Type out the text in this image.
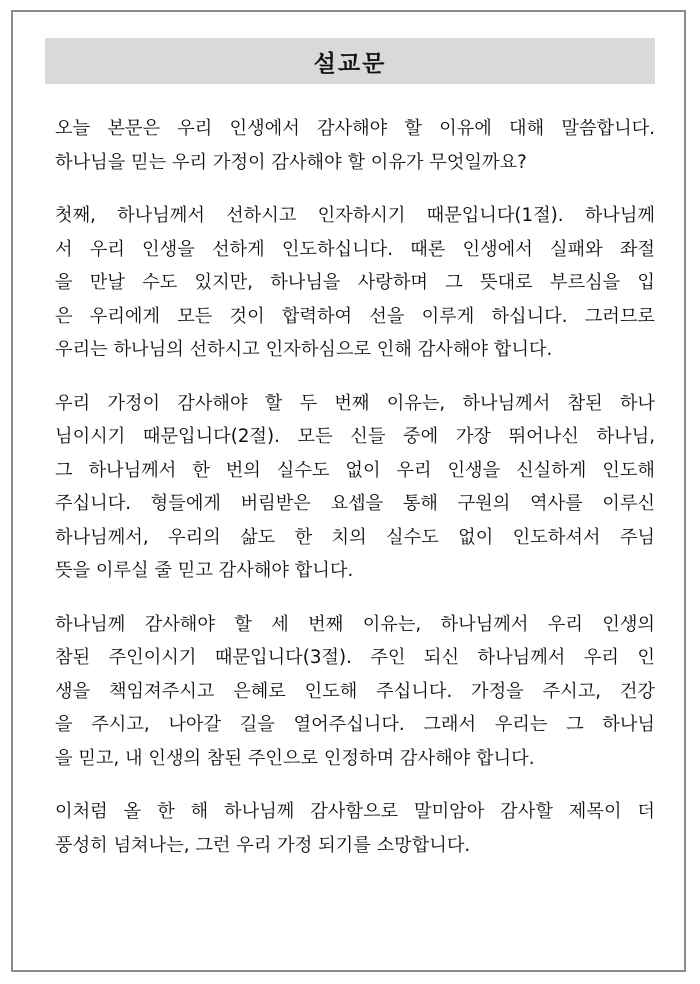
설교문
오늘 본문은 우리 인생에서 감사해야 할 이유에 대해 말씀합니다.
하나님을 믿는 우리 가정이 감사해야 할 이유가 무엇일까요?
첫째, 하나님께서 선하시고 인자하시기 때문입니다(1절). 하나님께
서 우리 인생을 선하게 인도하십니다. 때론 인생에서 실패와 좌절
을 만날 수도 있지만, 하나님을 사랑하며 그 뜻대로 부르심을 입
은 우리에게 모든 것이 합력하여 선을 이루게 하십니다. 그러므로
우리는 하나님의 선하시고 인자하심으로 인해 감사해야 합니다.
우리 가정이 감사해야 할 두 번째 이유는, 하나님께서 참된 하나
님이시기 때문입니다(2절). 모든 신들 중에 가장 뛰어나신 하나님,
그 하나님께서 한 번의 실수도 없이 우리 인생을 신실하게 인도해
주십니다. 형들에게 버림받은 요셉을 통해 구원의 역사를 이루신
하나님께서, 우리의 삶도 한 치의 실수도 없이 인도하셔서 주님
뜻을 이루실 줄 믿고 감사해야 합니다.
하나님께 감사해야 할 세 번째 이유는, 하나님께서 우리 인생의
참된 주인이시기 때문입니다(3절). 주인 되신 하나님께서 우리 인
생을 책임져주시고 은혜로 인도해 주십니다. 가정을 주시고, 건강
을 주시고, 나아갈 길을 열어주십니다. 그래서 우리는 그 하나님
을 믿고, 내 인생의 참된 주인으로 인정하며 감사해야 합니다.
이처럼 올 한 해 하나님께 감사함으로 말미암아 감사할 제목이 더
풍성히 넘쳐나는, 그런 우리 가정 되기를 소망합니다.
